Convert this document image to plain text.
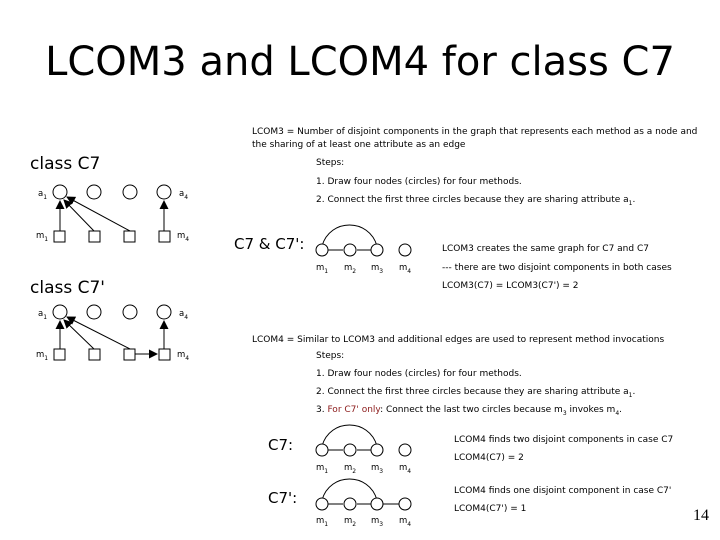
LCOM3 and LCOM4 for class C7
class C7
$a_1$	$a_4$
$m_1$	$m_4$
class C7'
$a_1$	$a_4$
$m_1$	$m_4$
LCOM3 = Number of disjoint components in the graph that represents each method as a node and
the sharing of at least one attribute as an edge
Steps:
1. Draw four nodes (circles) for four methods.
2. Connect the first three circles because they are sharing attribute $a_1$.
C7 & C7':
$m_1$ $m_2$ $m_3$ $m_4$
LCOM3 creates the same graph for C7 and C7
--- there are two disjoint components in both cases
LCOM3(C7) = LCOM3(C7') = 2
LCOM4 = Similar to LCOM3 and additional edges are used to represent method invocations
Steps:
1. Draw four nodes (circles) for four methods.
2. Connect the first three circles because they are sharing attribute $a_1$.
3. For C7' only: Connect the last two circles because $m_3$ invokes $m_4$.
C7:
$m_1$ $m_2$ $m_3$ $m_4$
LCOM4 finds two disjoint components in case C7
LCOM4(C7) = 2
C7':
$m_1$ $m_2$ $m_3$ $m_4$
LCOM4 finds one disjoint component in case C7'
LCOM4(C7') = 1	14
